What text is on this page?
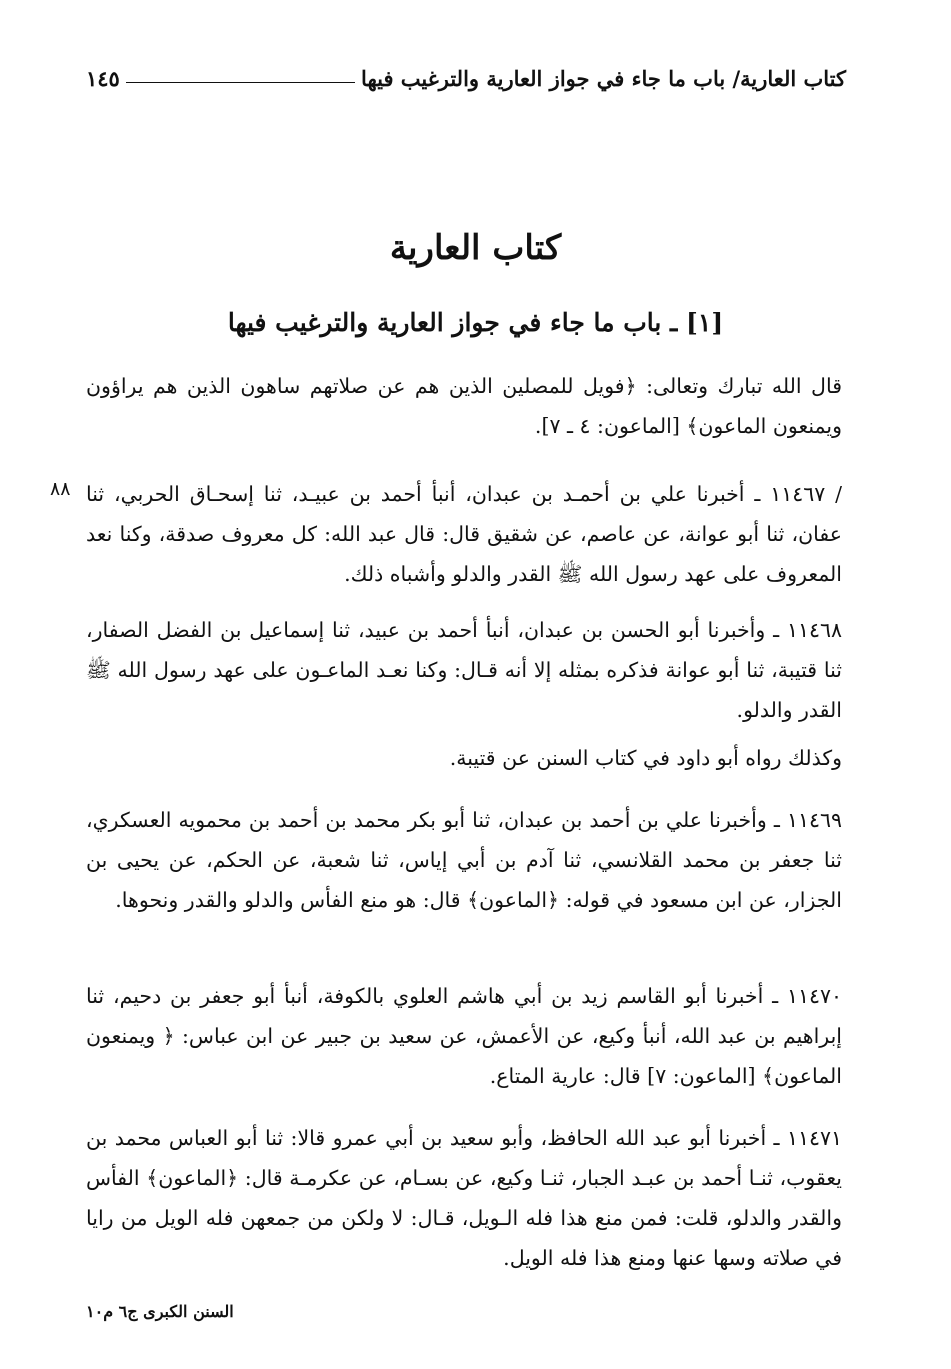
كتاب العارية/ باب ما جاء في جواز العارية والترغيب فيها
١٤٥
كتاب العارية
[١] ـ باب ما جاء في جواز العارية والترغيب فيها
قال الله تبارك وتعالى: ﴿فويل للمصلين الذين هم عن صلاتهم ساهون الذين هم يراؤون ويمنعون الماعون﴾ [الماعون: ٤ ـ ٧].
٨٨ / ١١٤٦٧ ـ أخبرنا علي بن أحمـد بن عبدان، أنبأ أحمد بن عبيـد، ثنا إسحـاق الحربي، ثنا عفان، ثنا أبو عوانة، عن عاصم، عن شقيق قال: قال عبد الله: كل معروف صدقة، وكنا نعد المعروف على عهد رسول الله ﷺ القدر والدلو وأشباه ذلك.
١١٤٦٨ ـ وأخبرنا أبو الحسن بن عبدان، أنبأ أحمد بن عبيد، ثنا إسماعيل بن الفضل الصفار، ثنا قتيبة، ثنا أبو عوانة فذكره بمثله إلا أنه قـال: وكنا نعـد الماعـون على عهد رسول الله ﷺ القدر والدلو.
وكذلك رواه أبو داود في كتاب السنن عن قتيبة.
١١٤٦٩ ـ وأخبرنا علي بن أحمد بن عبدان، ثنا أبو بكر محمد بن أحمد بن محمويه العسكري، ثنا جعفر بن محمد القلانسي، ثنا آدم بن أبي إياس، ثنا شعبة، عن الحكم، عن يحيى بن الجزار، عن ابن مسعود في قوله: ﴿الماعون﴾ قال: هو منع الفأس والدلو والقدر ونحوها.
١١٤٧٠ ـ أخبرنا أبو القاسم زيد بن أبي هاشم العلوي بالكوفة، أنبأ أبو جعفر بن دحيم، ثنا إبراهيم بن عبد الله، أنبأ وكيع، عن الأعمش، عن سعيد بن جبير عن ابن عباس: ﴿ ويمنعون الماعون﴾ [الماعون: ٧] قال: عارية المتاع.
١١٤٧١ ـ أخبرنا أبو عبد الله الحافظ، وأبو سعيد بن أبي عمرو قالا: ثنا أبو العباس محمد بن يعقوب، ثنـا أحمد بن عبـد الجبار، ثنـا وكيع، عن بسـام، عن عكرمـة قال: ﴿الماعون﴾ الفأس والقدر والدلو، قلت: فمن منع هذا فله الـويل، قـال: لا ولكن من جمعهن فله الويل من رايا في صلاته وسها عنها ومنع هذا فله الويل.
السنن الكبرى ج٦ م١٠
